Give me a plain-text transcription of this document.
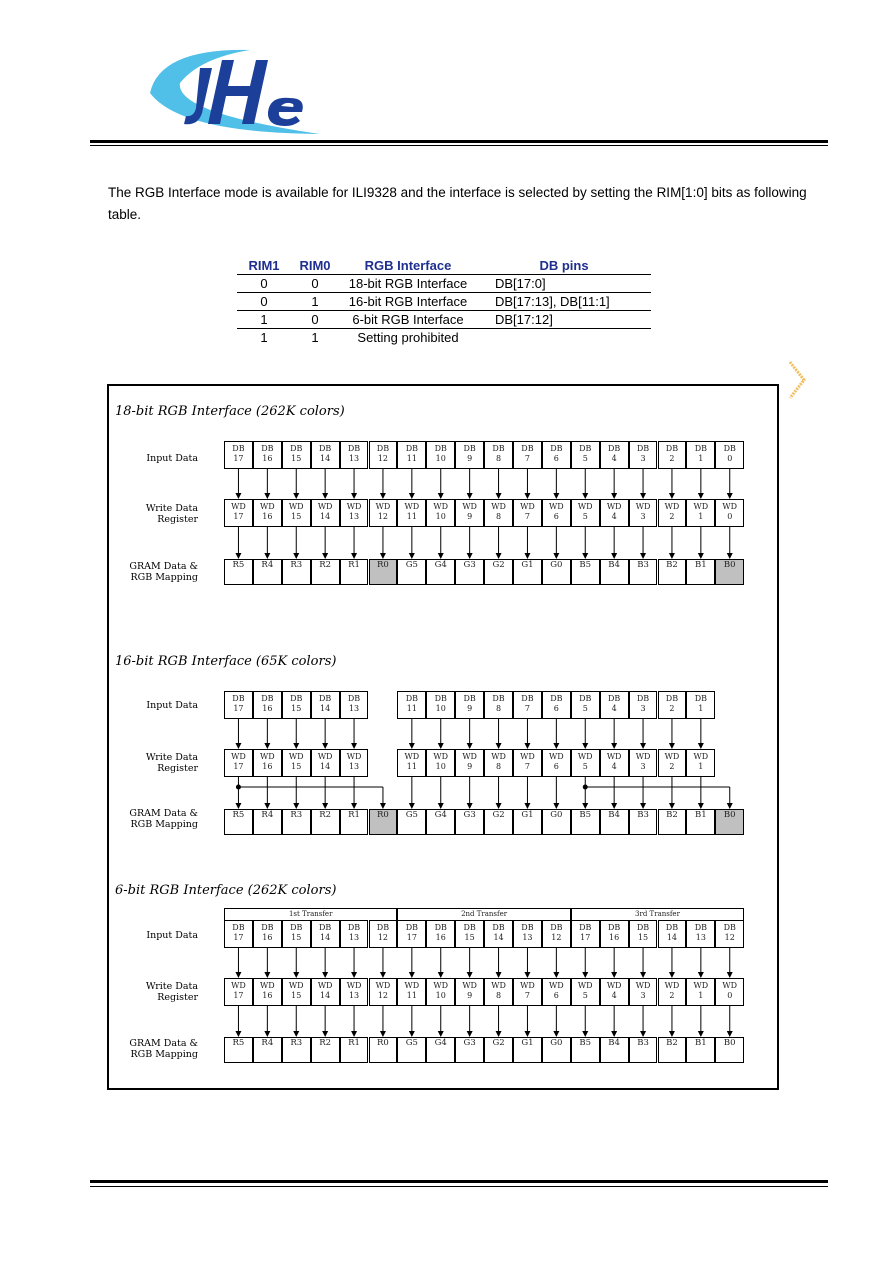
The RGB Interface mode is available for ILI9328 and the interface is selected by setting the RIM[1:0] bits as following table.
RIM1	RIM0	RGB Interface	DB pins
0	0	18-bit RGB Interface	DB[17:0]
0	1	16-bit RGB Interface	DB[17:13], DB[11:1]
1	0	6-bit RGB Interface	DB[17:12]
1	1	Setting prohibited	
18-bit RGB Interface (262K colors)
16-bit RGB Interface (65K colors)
6-bit RGB Interface (262K colors)
Input Data
Write Data
Register
GRAM Data &
RGB Mapping
Input Data
Write Data
Register
GRAM Data &
RGB Mapping
Input Data
Write Data
Register
GRAM Data &
RGB Mapping
DB
17
WD
17
R5
DB
16
WD
16
R4
DB
15
WD
15
R3
DB
14
WD
14
R2
DB
13
WD
13
R1
DB
12
WD
12
R0
DB
11
WD
11
G5
DB
10
WD
10
G4
DB
9
WD
9
G3
DB
8
WD
8
G2
DB
7
WD
7
G1
DB
6
WD
6
G0
DB
5
WD
5
B5
DB
4
WD
4
B4
DB
3
WD
3
B3
DB
2
WD
2
B2
DB
1
WD
1
B1
DB
0
WD
0
B0
DB
17
WD
17
R5
DB
16
WD
16
R4
DB
15
WD
15
R3
DB
14
WD
14
R2
DB
13
WD
13
R1	R0
DB
11
WD
11
G5
DB
10
WD
10
G4
DB
9
WD
9
G3
DB
8
WD
8
G2
DB
7
WD
7
G1
DB
6
WD
6
G0
DB
5
WD
5
B5
DB
4
WD
4
B4
DB
3
WD
3
B3
DB
2
WD
2
B2
DB
1
WD
1
B1	B0
DB
17
WD
17
R5
DB
16
WD
16
R4
DB
15
WD
15
R3
DB
14
WD
14
R2
DB
13
WD
13
R1
DB
12
WD
12
R0
DB
17
WD
11
G5
DB
16
WD
10
G4
DB
15
WD
9
G3
DB
14
WD
8
G2
DB
13
WD
7
G1
DB
12
WD
6
G0
DB
17
WD
5
B5
DB
16
WD
4
B4
DB
15
WD
3
B3
DB
14
WD
2
B2
DB
13
WD
1
B1
DB
12
WD
0
B0
1st Transfer	2nd Transfer	3rd Transfer
